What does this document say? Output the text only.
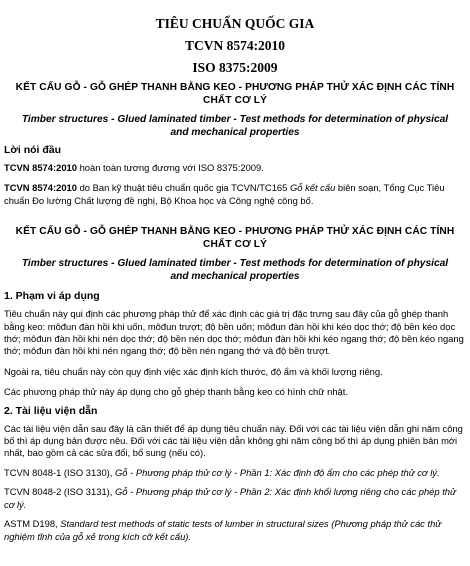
TIÊU CHUẨN QUỐC GIA
TCVN 8574:2010
ISO 8375:2009
KẾT CẤU GỖ - GỖ GHÉP THANH BẰNG KEO - PHƯƠNG PHÁP THỬ XÁC ĐỊNH CÁC TÍNH CHẤT CƠ LÝ
Timber structures - Glued laminated timber - Test methods for determination of physical and mechanical properties
Lời nói đầu
TCVN 8574:2010 hoàn toàn tương đương với ISO 8375:2009.
TCVN 8574:2010 do Ban kỹ thuật tiêu chuẩn quốc gia TCVN/TC165 Gỗ kết cấu biên soạn, Tổng Cục Tiêu chuẩn Đo lường Chất lượng đề nghị, Bộ Khoa học và Công nghệ công bố.
KẾT CẤU GỖ - GỖ GHÉP THANH BẰNG KEO - PHƯƠNG PHÁP THỬ XÁC ĐỊNH CÁC TÍNH CHẤT CƠ LÝ
Timber structures - Glued laminated timber - Test methods for determination of physical and mechanical properties
1. Phạm vi áp dụng
Tiêu chuẩn này qui định các phương pháp thử để xác định các giá trị đặc trưng sau đây của gỗ ghép thanh bằng keo: môđun đàn hồi khi uốn, môđun trượt; độ bền uốn; môđun đàn hồi khi kéo dọc thớ; độ bền kéo dọc thớ; môđun đàn hồi khi nén dọc thớ; độ bền nén dọc thớ; môđun đàn hồi khi kéo ngang thớ; độ bền kéo ngang thớ; môđun đàn hồi khi nén ngang thớ; độ bền nén ngang thớ và độ bền trượt.
Ngoài ra, tiêu chuẩn này còn quy định việc xác định kích thước, độ ẩm và khối lượng riêng.
Các phương pháp thử này áp dụng cho gỗ ghép thanh bằng keo có hình chữ nhật.
2. Tài liệu viện dẫn
Các tài liệu viện dẫn sau đây là cần thiết để áp dụng tiêu chuẩn này. Đối với các tài liệu viện dẫn ghi năm công bố thì áp dụng bản được nêu. Đối với các tài liệu viện dẫn không ghi năm công bố thì áp dụng phiên bản mới nhất, bao gồm cả các sửa đổi, bổ sung (nếu có).
TCVN 8048-1 (ISO 3130), Gỗ - Phương pháp thử cơ lý - Phần 1: Xác định độ ẩm cho các phép thử cơ lý.
TCVN 8048-2 (ISO 3131), Gỗ - Phương pháp thử cơ lý - Phần 2: Xác định khối lượng riêng cho các phép thử cơ lý.
ASTM D198, Standard test methods of static tests of lumber in structural sizes (Phương pháp thử các thử nghiệm tĩnh của gỗ xẻ trong kích cỡ kết cấu).
